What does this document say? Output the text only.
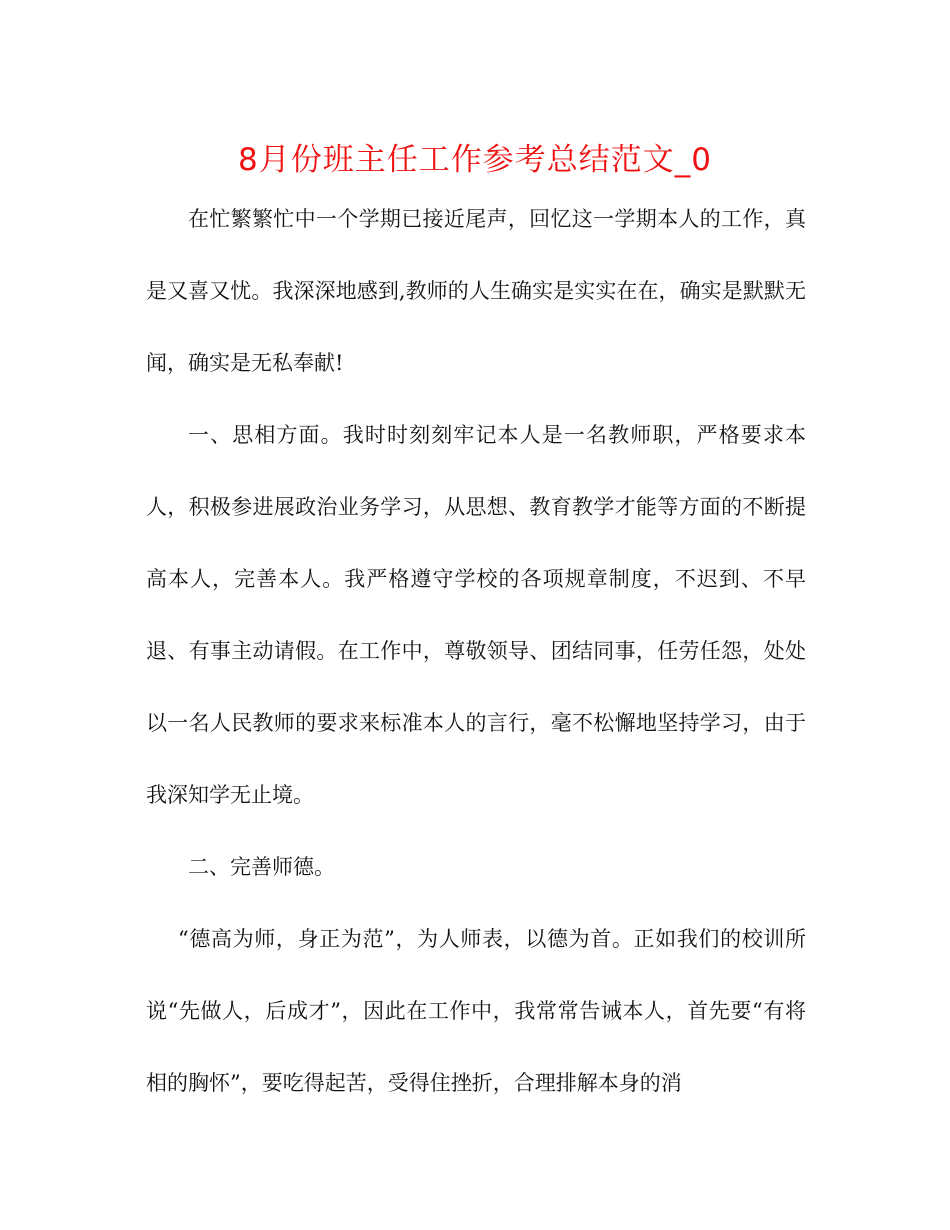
8月份班主任工作参考总结范文_0

在忙繁繁忙中一个学期已接近尾声，回忆这一学期本人的工作，真是又喜又忧。我深深地感到,教师的人生确实是实实在在，确实是默默无闻，确实是无私奉献!

一、思相方面。我时时刻刻牢记本人是一名教师职，严格要求本人，积极参进展政治业务学习，从思想、教育教学才能等方面的不断提高本人，完善本人。我严格遵守学校的各项规章制度，不迟到、不早退、有事主动请假。在工作中，尊敬领导、团结同事，任劳任怨，处处以一名人民教师的要求来标准本人的言行，毫不松懈地坚持学习，由于我深知学无止境。

二、完善师德。

“德高为师，身正为范”，为人师表，以德为首。正如我们的校训所说“先做人，后成才”，因此在工作中，我常常告诫本人，首先要“有将相的胸怀”，要吃得起苦，受得住挫折，合理排解本身的消
